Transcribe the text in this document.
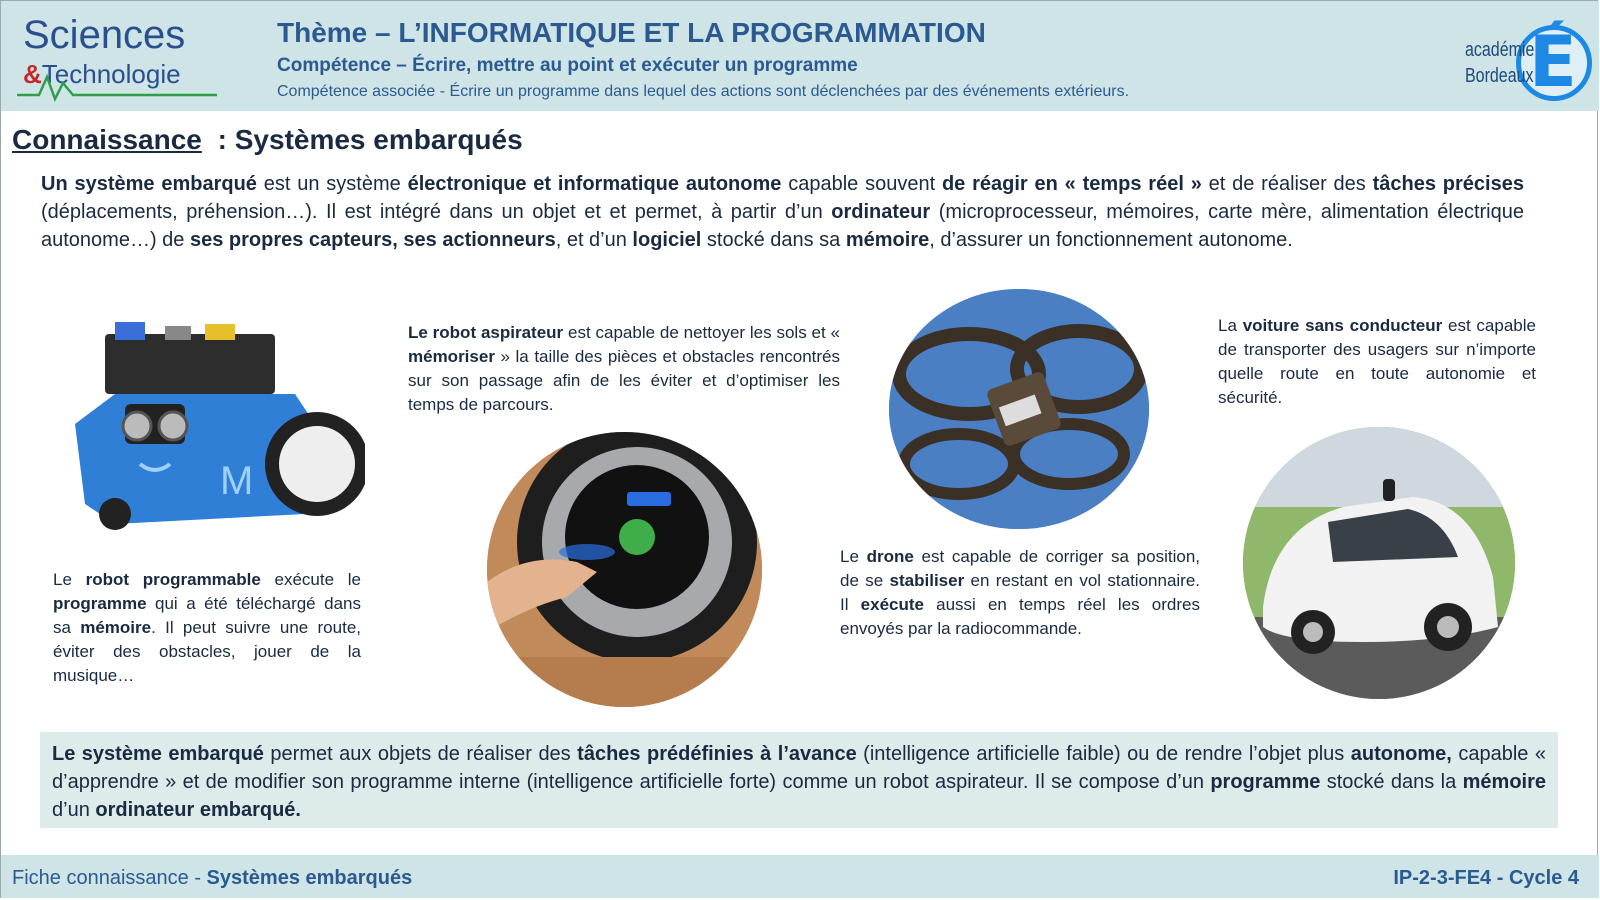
Sciences
&Technologie
Thème – L’INFORMATIQUE ET LA PROGRAMMATION
Compétence – Écrire, mettre au point et exécuter un programme
Compétence associée - Écrire un programme dans lequel des actions sont déclenchées par des événements extérieurs.	É
académie
Bordeaux
Connaissance : Systèmes embarqués
Un système embarqué est un système électronique et informatique autonome capable souvent de réagir en « temps réel » et de réaliser des tâches précises (déplacements, préhension…). Il est intégré dans un objet et et permet, à partir d’un ordinateur (microprocesseur, mémoires, carte mère, alimentation électrique autonome…) de ses propres capteurs, ses actionneurs, et d’un logiciel stocké dans sa mémoire, d’assurer un fonctionnement autonome.
M
Le robot programmable exécute le programme qui a été téléchargé dans sa mémoire. Il peut suivre une route, éviter des obstacles, jouer de la musique…
Le robot aspirateur est capable de nettoyer les sols et « mémoriser » la taille des pièces et obstacles rencontrés sur son passage afin de les éviter et d’optimiser les temps de parcours.
Le drone est capable de corriger sa position, de se stabiliser en restant en vol stationnaire. Il exécute aussi en temps réel les ordres envoyés par la radiocommande.
La voiture sans conducteur est capable de transporter des usagers sur n’importe quelle route en toute autonomie et sécurité.
Le système embarqué permet aux objets de réaliser des tâches prédéfinies à l’avance (intelligence artificielle faible) ou de rendre l’objet plus autonome, capable « d’apprendre » et de modifier son programme interne (intelligence artificielle forte) comme un robot aspirateur. Il se compose d’un programme stocké dans la mémoire d’un ordinateur embarqué.
Fiche connaissance - Systèmes embarqués	IP-2-3-FE4 - Cycle 4
